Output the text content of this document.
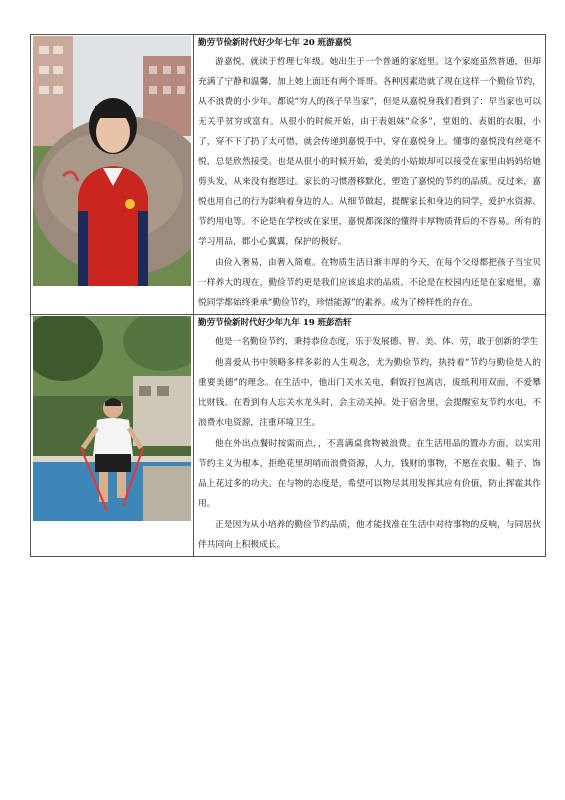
勤劳节俭新时代好少年七年 20 班游嘉悦

游嘉悦，就读于哲理七年级。她出生于一个普通的家庭里。这个家庭虽然普通，但却充满了宁静和温馨，加上她上面还有两个哥哥。各种因素造就了现在这样一个勤俭节约，从不浪费的小少年。都说“穷人的孩子早当家”，但是从嘉悦身我们看到了：早当家也可以无关乎贫穷或富有。从很小的时候开始，由于表姐妹“众多”，堂姐的、表姐的衣服，小了，穿不下了扔了太可惜，就会传递到嘉悦手中，穿在嘉悦身上。懂事的嘉悦没有丝毫不悦，总是欣然接受。也是从很小的时候开始，爱美的小姑娘却可以接受在家里由妈妈给她剪头发，从来没有抱怨过。家长的习惯潜移默化，塑造了嘉悦的节约的品质。反过来，嘉悦也用自己的行为影响着身边的人。从细节做起，提醒家长和身边的同学，爱护水资源、节约用电等。不论是在学校或在家里，嘉悦都深深的懂得丰厚物质背后的不容易。所有的学习用品，都小心翼翼，保护的极好。

由俭入奢易，由奢入简难。在物质生活日渐丰厚的今天，在每个父母都把孩子当宝贝一样养大的现在，勤俭节约更是我们应该追求的品质。不论是在校园内还是在家庭里，嘉悦同学都始终秉承“勤俭节约，珍惜能源”的素养。成为了榜样性的存在。

勤劳节俭新时代好少年九年 19 班彭浩轩

他是一名勤俭节约，秉持恭俭态度，乐于发展德、智、美、体、劳，敢于创新的学生

他喜爱从书中领略多样多彩的人生观念，尤为勤俭节约，执持着“节约与勤俭是人的重要美德”的理念。在生活中，他出门关水关电，剩饭打包离店，废纸利用双面，不爱攀比财钱。在看到有人忘关水龙头时，会主动关掉。处于宿舍里，会提醒室友节约水电，不浪费水电资源，注重环境卫生。

他在外出点餐时按需而点，，不喜满桌食物被浪费。在生活用品的置办方面，以实用节约主义为根本，拒绝花里胡哨而浪费资源，人力，钱财的事物，不愿在衣服、鞋子、饰品上花过多的功夫。在与物的态度是，希望可以物尽其用发挥其应有价值，防止挥霍其作用。

正是因为从小培养的勤俭节约品质，他才能找准在生活中对待事物的反响，与同居伙伴共同向上积极成长。
